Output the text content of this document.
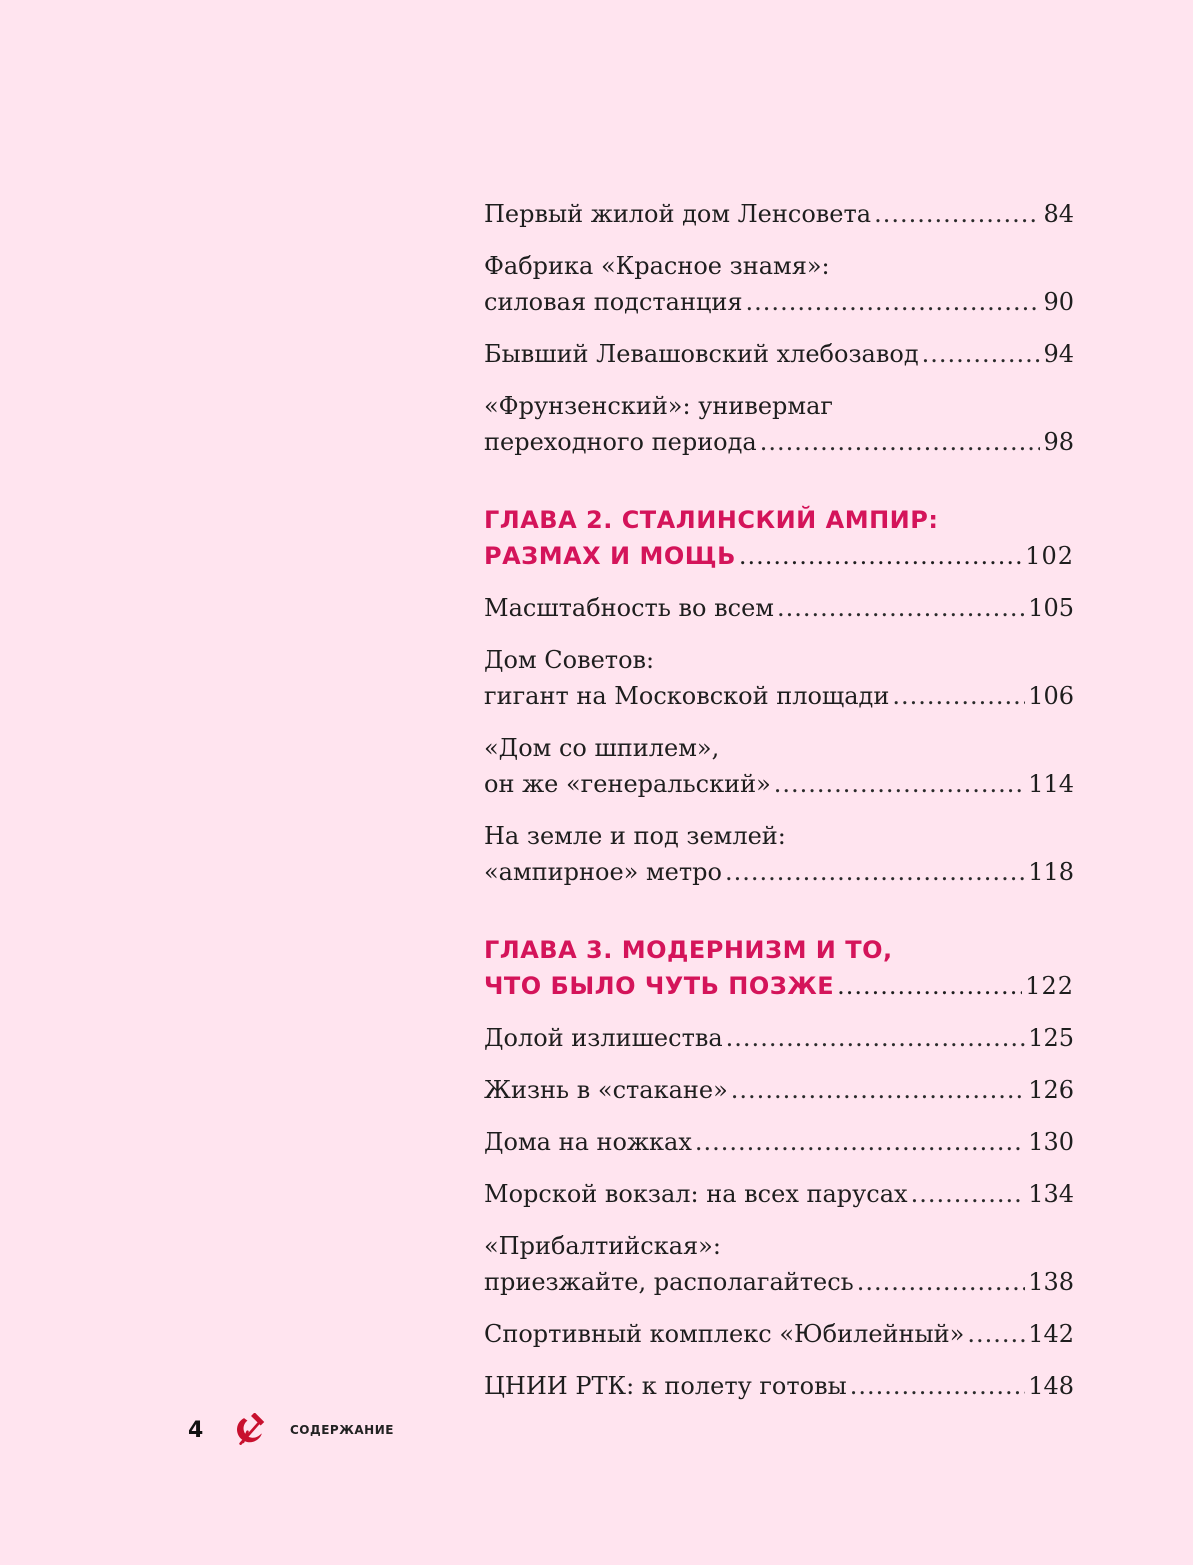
Первый жилой дом Ленсовета .....	84
Фабрика «Красное знамя»:
силовая подстанция .....	90
Бывший Левашовский хлебозавод .....	94
«Фрунзенский»: универмаг
переходного периода .....	98
ГЛАВА 2. СТАЛИНСКИЙ АМПИР:
РАЗМАХ И МОЩЬ .....	102
Масштабность во всем .....	105
Дом Советов:
гигант на Московской площади .....	106
«Дом со шпилем»,
он же «генеральский» .....	114
На земле и под землей:
«ампирное» метро .....	118
ГЛАВА 3. МОДЕРНИЗМ И ТО,
ЧТО БЫЛО ЧУТЬ ПОЗЖЕ .....	122
Долой излишества .....	125
Жизнь в «стакане» .....	126
Дома на ножках .....	130
Морской вокзал: на всех парусах .....	134
«Прибалтийская»:
приезжайте, располагайтесь .....	138
Спортивный комплекс «Юбилейный» .....	142
ЦНИИ РТК: к полету готовы .....	148
4	СОДЕРЖАНИЕ
